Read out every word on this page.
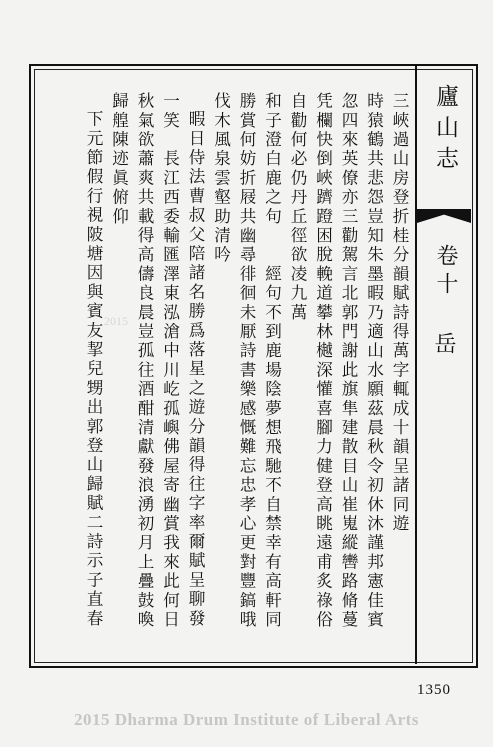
廬山志
卷十
岳
三峽過山房登折桂分韻賦詩得萬字輒成十韻呈諸同遊
時猿鶴共悲怨豈知朱墨暇乃適山水願茲晨秋令初休沐謹邦憲佳賓
忽四來英僚亦三勸駕言北郭門謝此旗隼建散目山崔嵬縱轡路脩蔓
凭欄快倒峽躋蹬困脫輓道攀林樾深懽喜腳力健登高眺遠甫炙祿俗
自勸何必仍丹丘徑欲凌九萬
和子澄白鹿之句　　經句不到鹿場陰夢想飛馳不自禁幸有高軒同
勝賞何妨折屐共幽尋徘徊未厭詩書樂感慨難忘忠孝心更對豐鎬哦
伐木風泉雲壑助清吟
暇日侍法曹叔父陪諸名勝爲落星之遊分韻得往字率爾賦呈聊發
一笑　長江西委輸匯澤東泓滄中川屹孤嶼佛屋寄幽賞我來此何日
秋氣欲蕭爽共載得高儔良晨豈孤往酒酣清獻發浪湧初月上疊鼓喚
歸艎陳迹眞俯仰
下元節假行視陂塘因與賓友挈兒甥出郭登山歸賦二詩示子直春 2015
1350
2015 Dharma Drum Institute of Liberal Arts
